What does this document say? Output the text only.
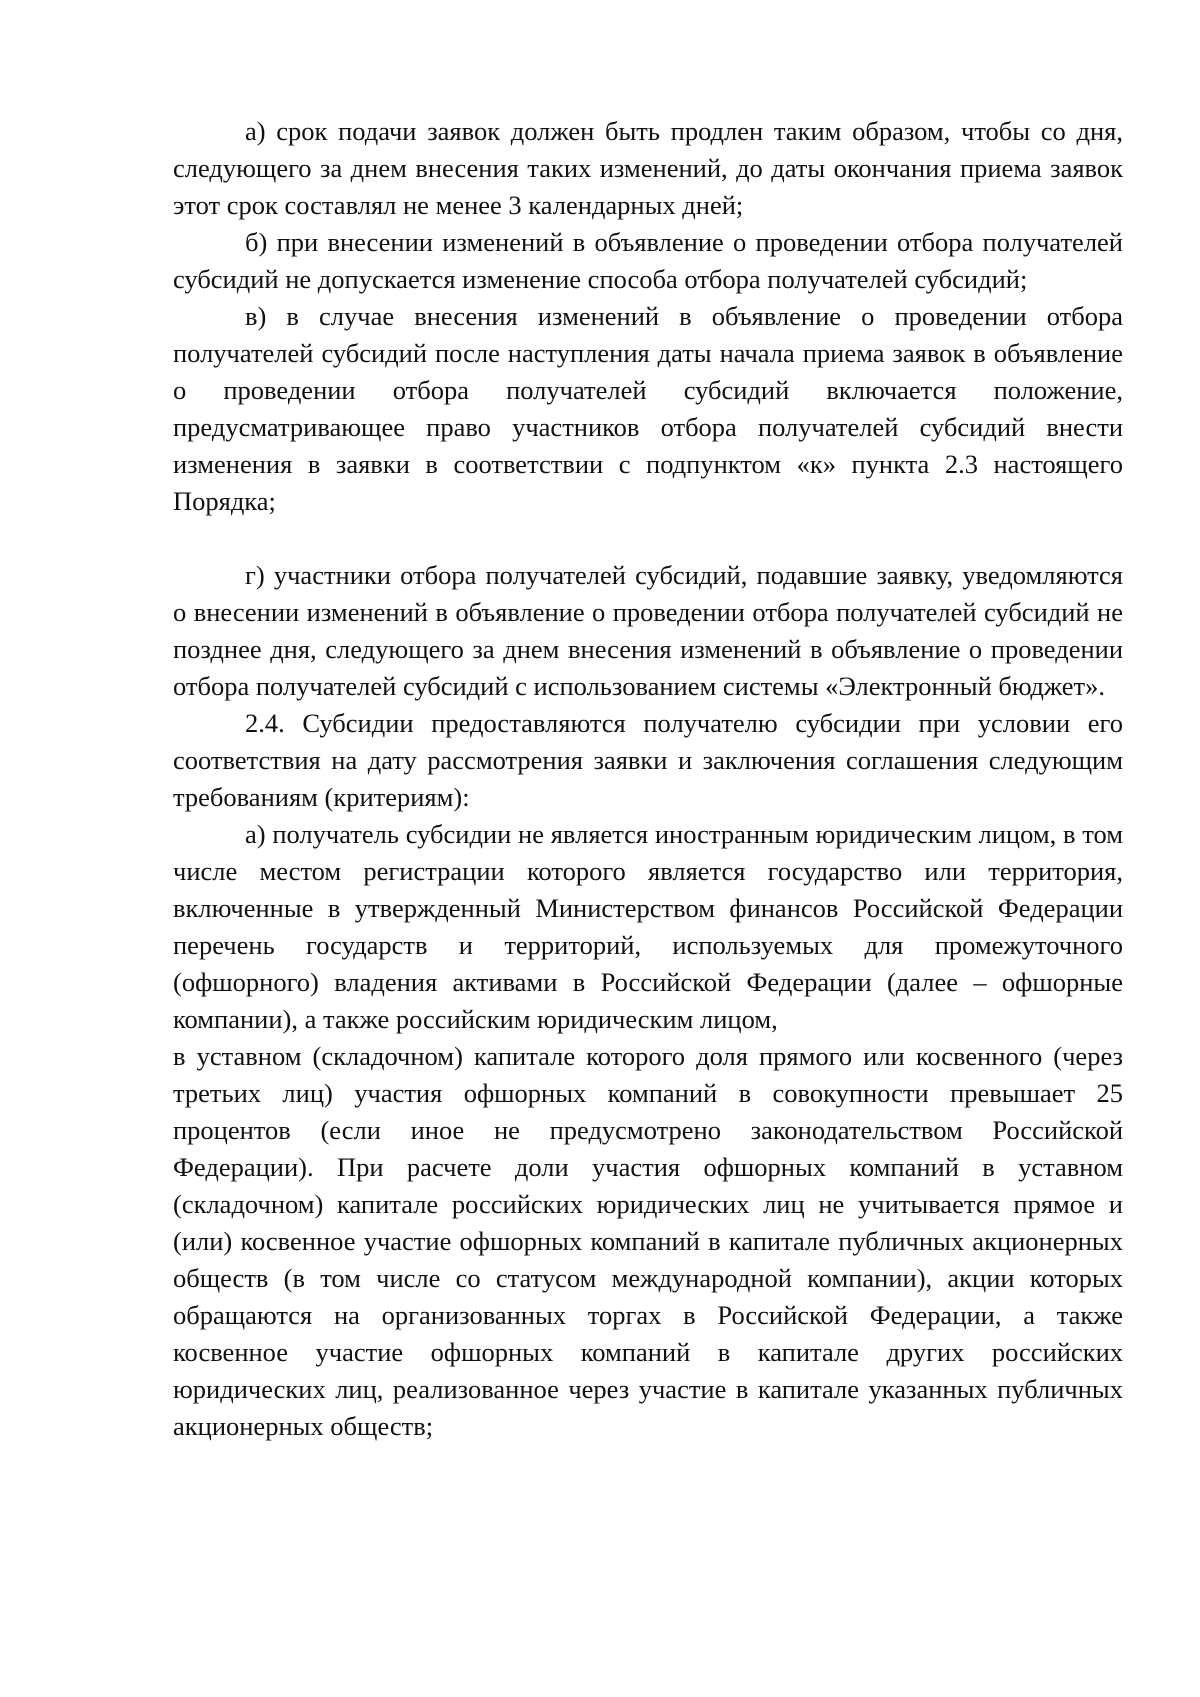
а) срок подачи заявок должен быть продлен таким образом, чтобы со дня, следующего за днем внесения таких изменений, до даты окончания приема заявок этот срок составлял не менее 3 календарных дней;

б) при внесении изменений в объявление о проведении отбора получателей субсидий не допускается изменение способа отбора получателей субсидий;

в) в случае внесения изменений в объявление о проведении отбора получателей субсидий после наступления даты начала приема заявок в объявление о проведении отбора получателей субсидий включается положение, предусматривающее право участников отбора получателей субсидий внести изменения в заявки в соответствии с подпунктом «к» пункта 2.3 настоящего Порядка;

г) участники отбора получателей субсидий, подавшие заявку, уведомляются о внесении изменений в объявление о проведении отбора получателей субсидий не позднее дня, следующего за днем внесения изменений в объявление о проведении отбора получателей субсидий с использованием системы «Электронный бюджет».

2.4. Субсидии предоставляются получателю субсидии при условии его соответствия на дату рассмотрения заявки и заключения соглашения следующим требованиям (критериям):

а) получатель субсидии не является иностранным юридическим лицом, в том числе местом регистрации которого является государство или территория, включенные в утвержденный Министерством финансов Российской Федерации перечень государств и территорий, используемых для промежуточного (офшорного) владения активами в Российской Федерации (далее – офшорные компании), а также российским юридическим лицом,

в уставном (складочном) капитале которого доля прямого или косвенного (через третьих лиц) участия офшорных компаний в совокупности превышает 25 процентов (если иное не предусмотрено законодательством Российской Федерации). При расчете доли участия офшорных компаний в уставном (складочном) капитале российских юридических лиц не учитывается прямое и (или) косвенное участие офшорных компаний в капитале публичных акционерных обществ (в том числе со статусом международной компании), акции которых обращаются на организованных торгах в Российской Федерации, а также косвенное участие офшорных компаний в капитале других российских юридических лиц, реализованное через участие в капитале указанных публичных акционерных обществ;
